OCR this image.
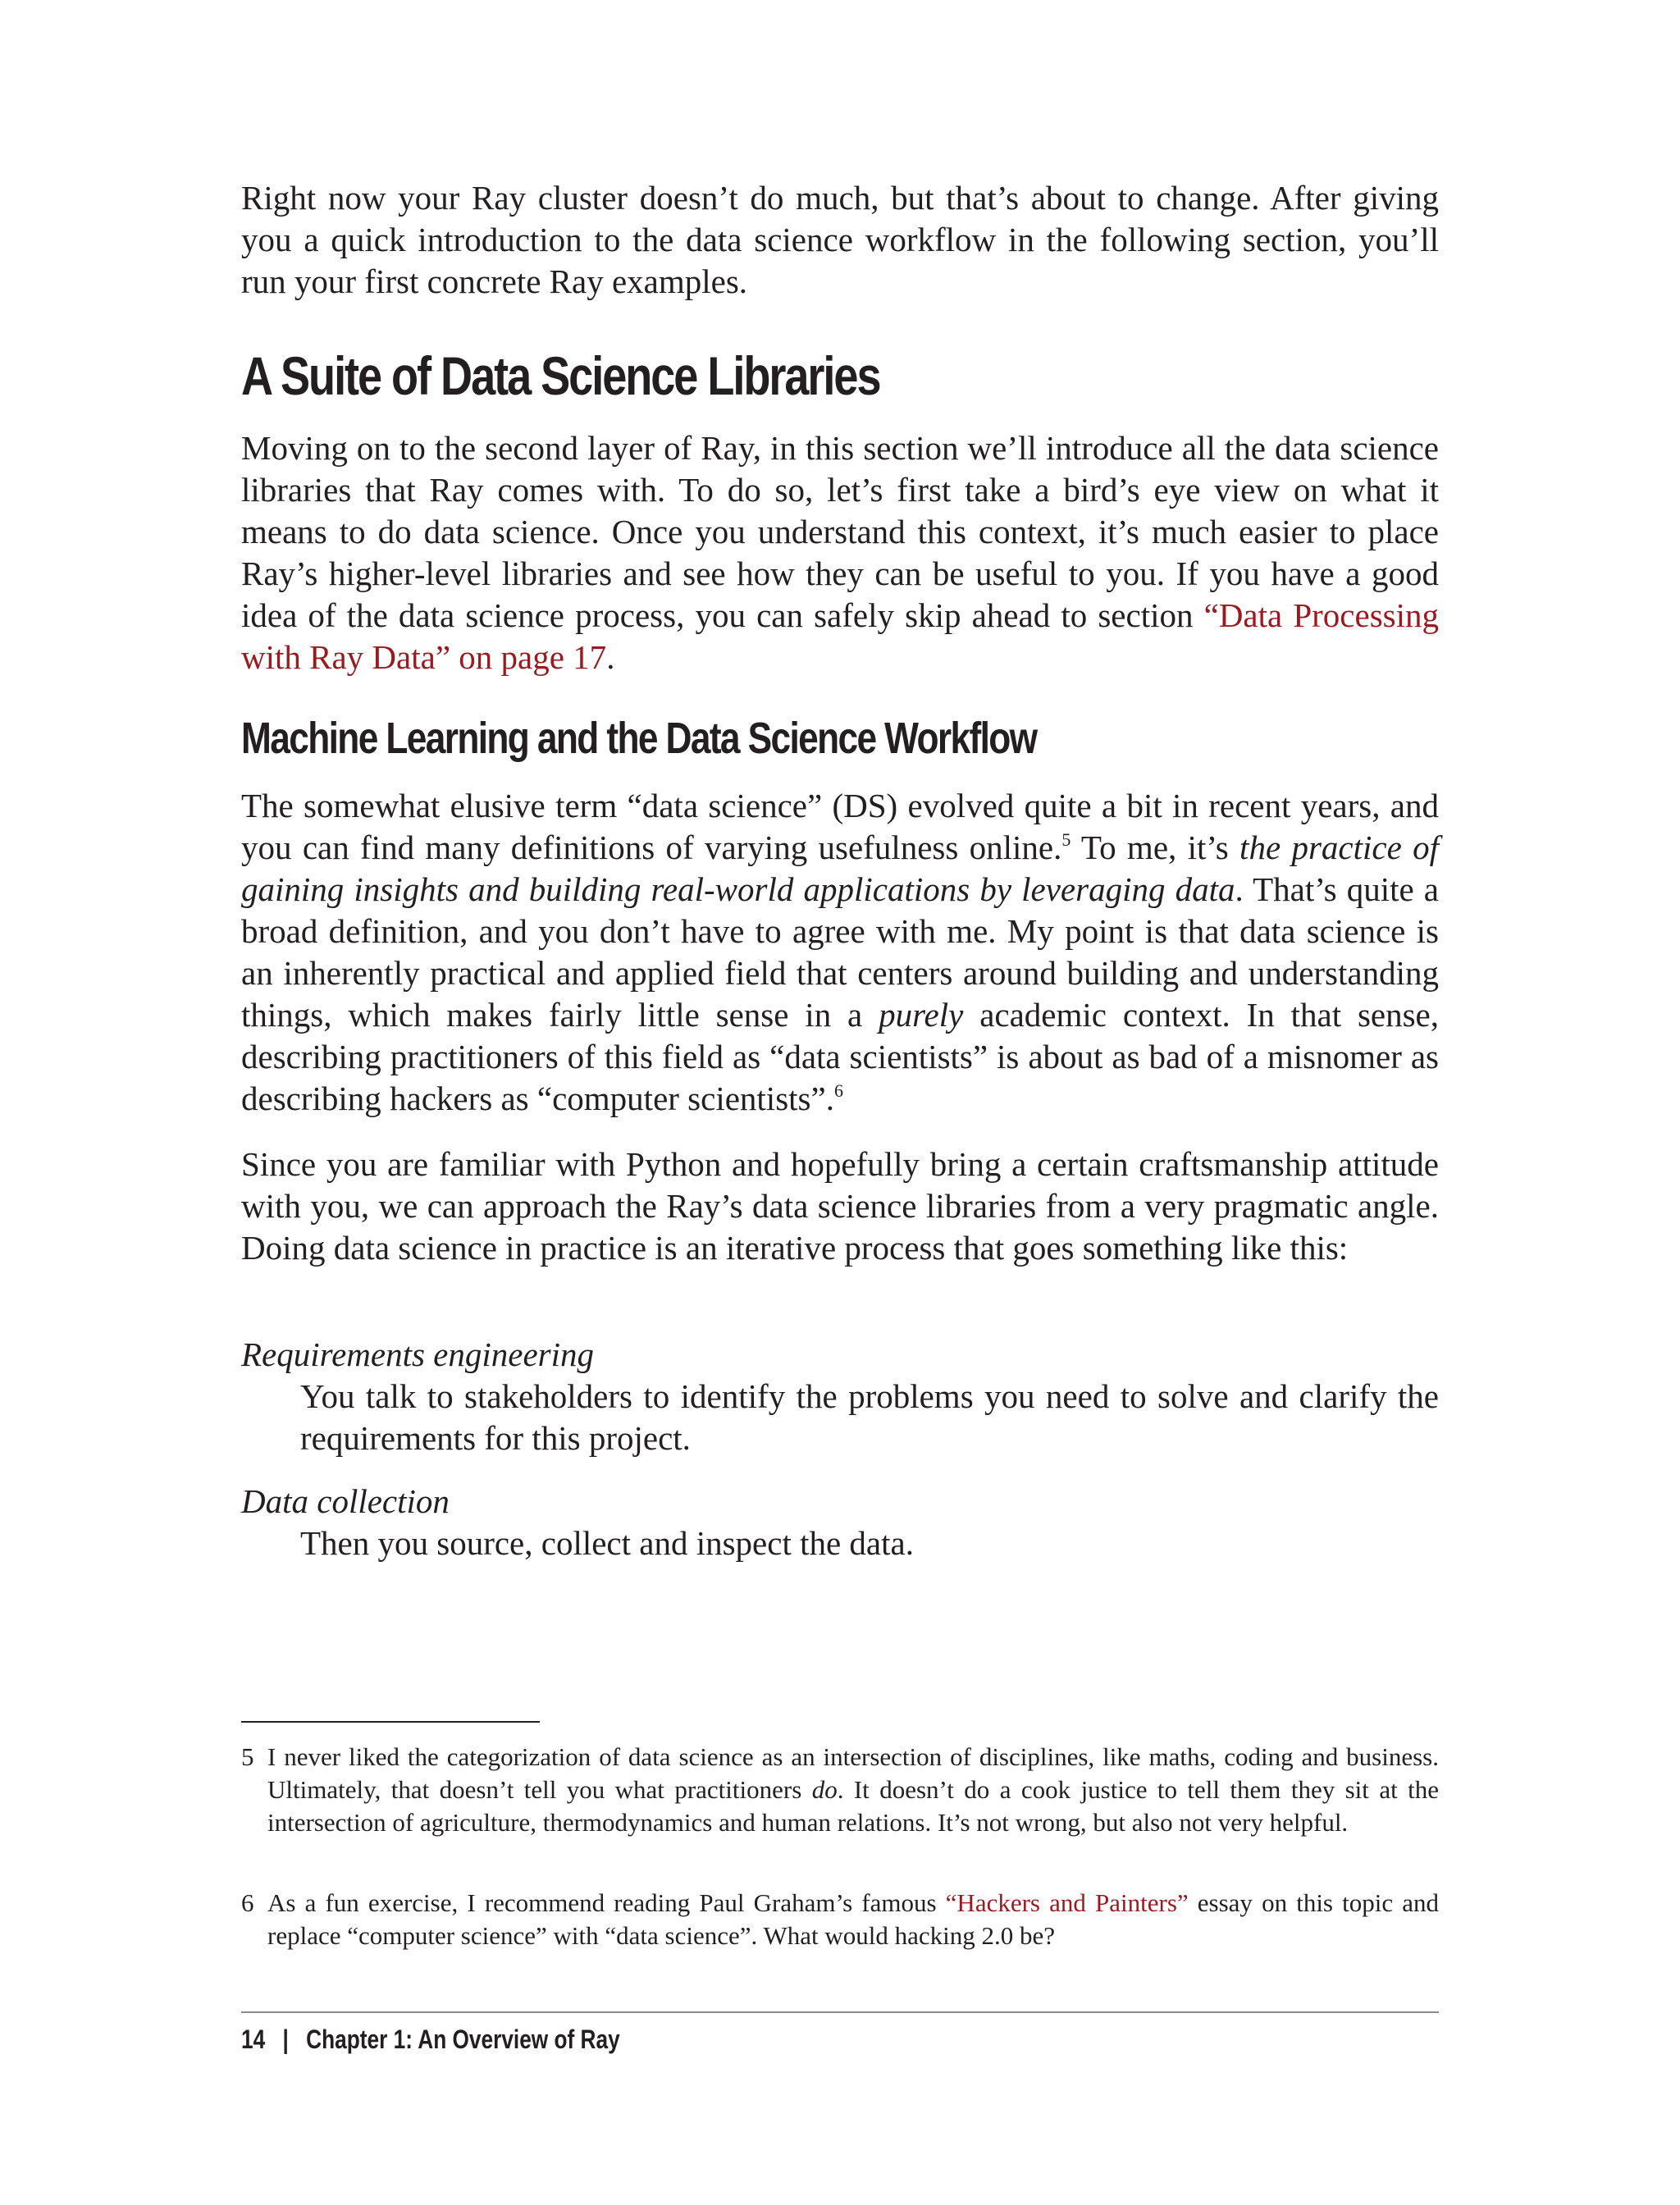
Right now your Ray cluster doesn’t do much, but that’s about to change. After giving you a quick introduction to the data science workflow in the following section, you’ll run your first concrete Ray examples.

A Suite of Data Science Libraries

Moving on to the second layer of Ray, in this section we’ll introduce all the data science libraries that Ray comes with. To do so, let’s first take a bird’s eye view on what it means to do data science. Once you understand this context, it’s much easier to place Ray’s higher-level libraries and see how they can be useful to you. If you have a good idea of the data science process, you can safely skip ahead to section “Data Processing with Ray Data” on page 17.

Machine Learning and the Data Science Workflow

The somewhat elusive term “data science” (DS) evolved quite a bit in recent years, and you can find many definitions of varying usefulness online.$^5$ To me, it’s the practice of gaining insights and building real-world applications by leveraging data. That’s quite a broad definition, and you don’t have to agree with me. My point is that data science is an inherently practical and applied field that centers around building and understanding things, which makes fairly little sense in a purely academic context. In that sense, describing practitioners of this field as “data scientists” is about as bad of a misnomer as describing hackers as “computer scientists”.$^6$

Since you are familiar with Python and hopefully bring a certain craftsmanship attitude with you, we can approach the Ray’s data science libraries from a very pragmatic angle. Doing data science in practice is an iterative process that goes something like this:

Requirements engineering

You talk to stakeholders to identify the problems you need to solve and clarify the requirements for this project.

Data collection

Then you source, collect and inspect the data.

5 I never liked the categorization of data science as an intersection of disciplines, like maths, coding and business. Ultimately, that doesn’t tell you what practitioners do. It doesn’t do a cook justice to tell them they sit at the intersection of agriculture, thermodynamics and human relations. It’s not wrong, but also not very helpful.
6 As a fun exercise, I recommend reading Paul Graham’s famous “Hackers and Painters” essay on this topic and replace “computer science” with “data science”. What would hacking 2.0 be?
14 | Chapter 1: An Overview of Ray
